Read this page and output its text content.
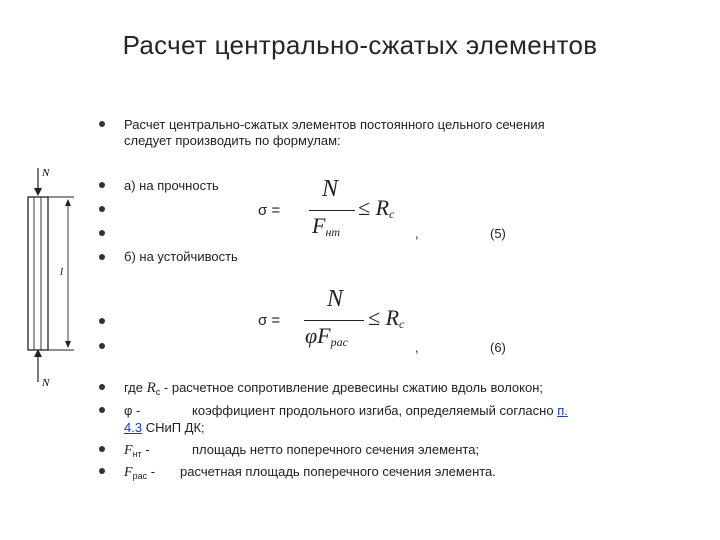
Расчет центрально-сжатых элементов
N
l
N
Расчет центрально-сжатых элементов постоянного цельного сечения
следует производить по формулам:
а) на прочность
б) на устойчивость
σ =
N
$F_{нт}$
≤ $R_c$
,	(5)
σ =
N
$\varphi F_{рас}$
≤ $R_c$
,	(6)
где $R_с$ - расчетное сопротивление древесины сжатию вдоль волокон;
φ -	коэффициент продольного изгиба, определяемый согласно п.
4.3 СНиП ДК;
$F_{нт}$ -	площадь нетто поперечного сечения элемента;
$F_{рас}$ - расчетная площадь поперечного сечения элемента.
